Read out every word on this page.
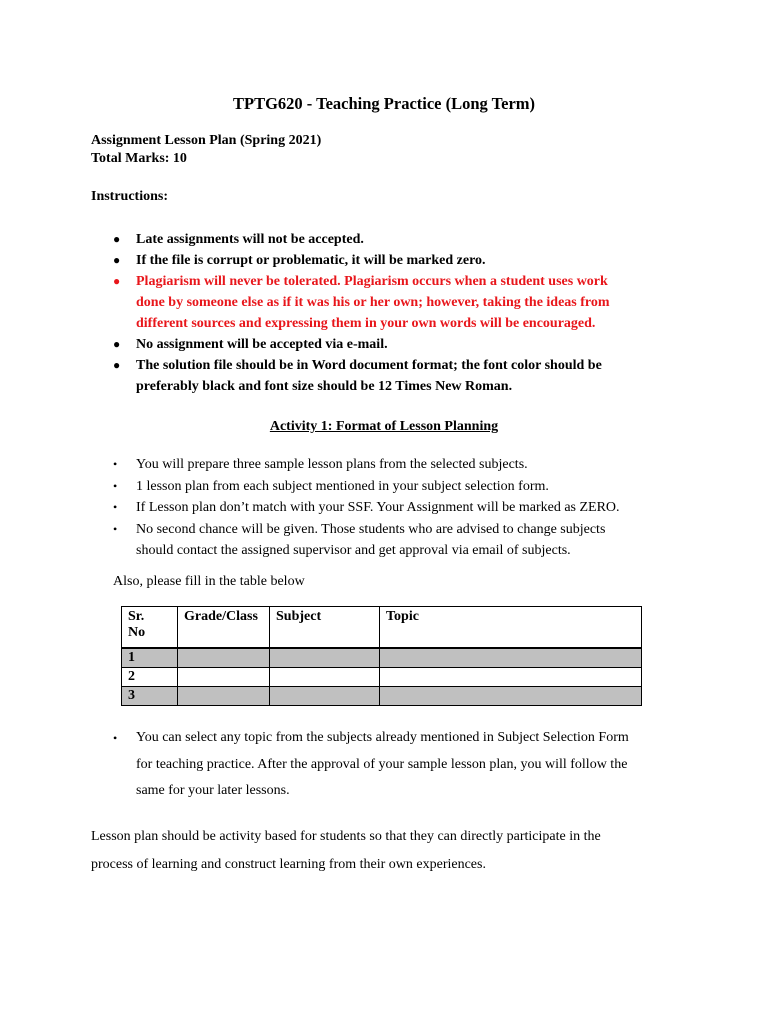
TPTG620 - Teaching Practice (Long Term)
Assignment Lesson Plan (Spring 2021)
Total Marks: 10
Instructions:
● Late assignments will not be accepted.
● If the file is corrupt or problematic, it will be marked zero.
● Plagiarism will never be tolerated. Plagiarism occurs when a student uses work
done by someone else as if it was his or her own; however, taking the ideas from
different sources and expressing them in your own words will be encouraged.
● No assignment will be accepted via e-mail.
● The solution file should be in Word document format; the font color should be
preferably black and font size should be 12 Times New Roman.
Activity 1: Format of Lesson Planning
• You will prepare three sample lesson plans from the selected subjects.
• 1 lesson plan from each subject mentioned in your subject selection form.
• If Lesson plan don’t match with your SSF. Your Assignment will be marked as ZERO.
• No second chance will be given. Those students who are advised to change subjects
should contact the assigned supervisor and get approval via email of subjects.
Also, please fill in the table below
Sr.
No	Grade/Class	Subject	Topic
1			
2			
3			
• You can select any topic from the subjects already mentioned in Subject Selection Form
for teaching practice. After the approval of your sample lesson plan, you will follow the
same for your later lessons.
Lesson plan should be activity based for students so that they can directly participate in the
process of learning and construct learning from their own experiences.
